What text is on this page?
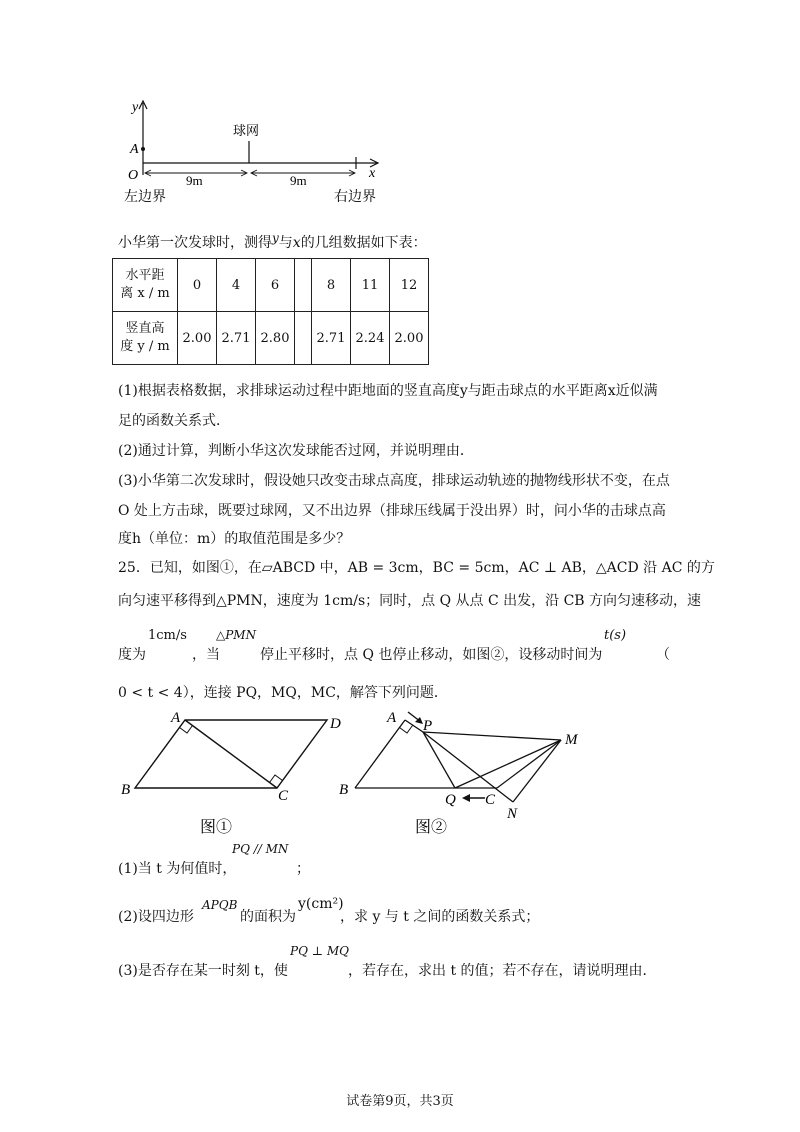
y
x
A
O
球网
9m	9m
左边界	右边界
小华第一次发球时，测得y与x的几组数据如下表：
水平距
离 x / m	0	4	6		8	11	12
竖直高
度 y / m	2.00	2.71	2.80		2.71	2.24	2.00
(1)根据表格数据，求排球运动过程中距地面的竖直高度y与距击球点的水平距离x近似满
足的函数关系式．
(2)通过计算，判断小华这次发球能否过网，并说明理由．
(3)小华第二次发球时，假设她只改变击球点高度，排球运动轨迹的抛物线形状不变，在点
O 处上方击球，既要过球网，又不出边界（排球压线属于没出界）时，问小华的击球点高
度h（单位：m）的取值范围是多少？
25．已知，如图①，在▱ABCD 中，AB = 3cm，BC = 5cm，AC ⊥ AB，△ACD 沿 AC 的方
向匀速平移得到△PMN，速度为 1cm/s；同时，点 Q 从点 C 出发，沿 CB 方向匀速移动，速
度为
1cm/s
，当
△PMN
停止平移时，点 Q 也停止移动，如图②，设移动时间为
t(s)
（
0 < t < 4），连接 PQ，MQ，MC，解答下列问题．
A
B	C
D
图①
A P
M
B
Q C
N
图②
(1)当 t 为何值时，
PQ // MN
；
(2)设四边形
APQB
的面积为
y(cm²)
，求 y 与 t 之间的函数关系式；
(3)是否存在某一时刻 t，使
PQ ⊥ MQ
，若存在，求出 t 的值；若不存在，请说明理由．
试卷第9页，共3页
